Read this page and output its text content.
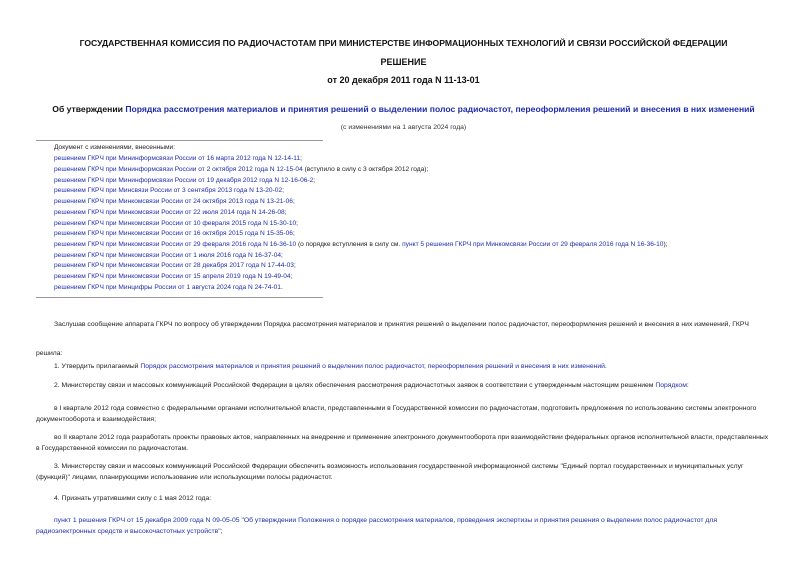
ГОСУДАРСТВЕННАЯ КОМИССИЯ ПО РАДИОЧАСТОТАМ ПРИ МИНИСТЕРСТВЕ ИНФОРМАЦИОННЫХ ТЕХНОЛОГИЙ И СВЯЗИ РОССИЙСКОЙ ФЕДЕРАЦИИ
РЕШЕНИЕ
от 20 декабря 2011 года N 11-13-01
Об утверждении Порядка рассмотрения материалов и принятия решений о выделении полос радиочастот, переоформления решений и внесения в них изменений
(с изменениями на 1 августа 2024 года)
Документ с изменениями, внесенными:
решением ГКРЧ при Мининформсвязи России от 16 марта 2012 года N 12-14-11;
решением ГКРЧ при Мининформсвязи России от 2 октября 2012 года N 12-15-04 (вступило в силу с 3 октября 2012 года);
решением ГКРЧ при Мининформсвязи России от 19 декабря 2012 года N 12-16-06-2;
решением ГКРЧ при Минсвязи России от 3 сентября 2013 года N 13-20-02;
решением ГКРЧ при Минкомсвязи России от 24 октября 2013 года N 13-21-06;
решением ГКРЧ при Минкомсвязи России от 22 июля 2014 года N 14-26-08;
решением ГКРЧ при Минкомсвязи России от 10 февраля 2015 года N 15-30-10;
решением ГКРЧ при Минкомсвязи России от 16 октября 2015 года N 15-35-06;
решением ГКРЧ при Минкомсвязи России от 29 февраля 2016 года N 16-36-10 (о порядке вступления в силу см. пункт 5 решения ГКРЧ при Минкомсвязи России от 29 февраля 2016 года N 16-36-10);
решением ГКРЧ при Минкомсвязи России от 1 июля 2016 года N 16-37-04;
решением ГКРЧ при Минкомсвязи России от 28 декабря 2017 года N 17-44-03;
решением ГКРЧ при Минкомсвязи России от 15 апреля 2019 года N 19-49-04;
решением ГКРЧ при Минцифры России от 1 августа 2024 года N 24-74-01.
Заслушав сообщение аппарата ГКРЧ по вопросу об утверждении Порядка рассмотрения материалов и принятия решений о выделении полос радиочастот, переоформления решений и внесения в них изменений, ГКРЧ
решила:
1. Утвердить прилагаемый Порядок рассмотрения материалов и принятия решений о выделении полос радиочастот, переоформления решений и внесения в них изменений.
2. Министерству связи и массовых коммуникаций Российской Федерации в целях обеспечения рассмотрения радиочастотных заявок в соответствии с утвержденным настоящим решением Порядком:
в I квартале 2012 года совместно с федеральными органами исполнительной власти, представленными в Государственной комиссии по радиочастотам, подготовить предложения по использованию системы электронного документооборота и взаимодействия;
во II квартале 2012 года разработать проекты правовых актов, направленных на внедрение и применение электронного документооборота при взаимодействии федеральных органов исполнительной власти, представленных в Государственной комиссии по радиочастотам.
3. Министерству связи и массовых коммуникаций Российской Федерации обеспечить возможность использования государственной информационной системы "Единый портал государственных и муниципальных услуг (функций)" лицами, планирующими использование или использующими полосы радиочастот.
4. Признать утратившими силу с 1 мая 2012 года:
пункт 1 решения ГКРЧ от 15 декабря 2009 года N 09-05-05 "Об утверждении Положения о порядке рассмотрения материалов, проведения экспертизы и принятия решения о выделении полос радиочастот для радиоэлектронных средств и высокочастотных устройств";
